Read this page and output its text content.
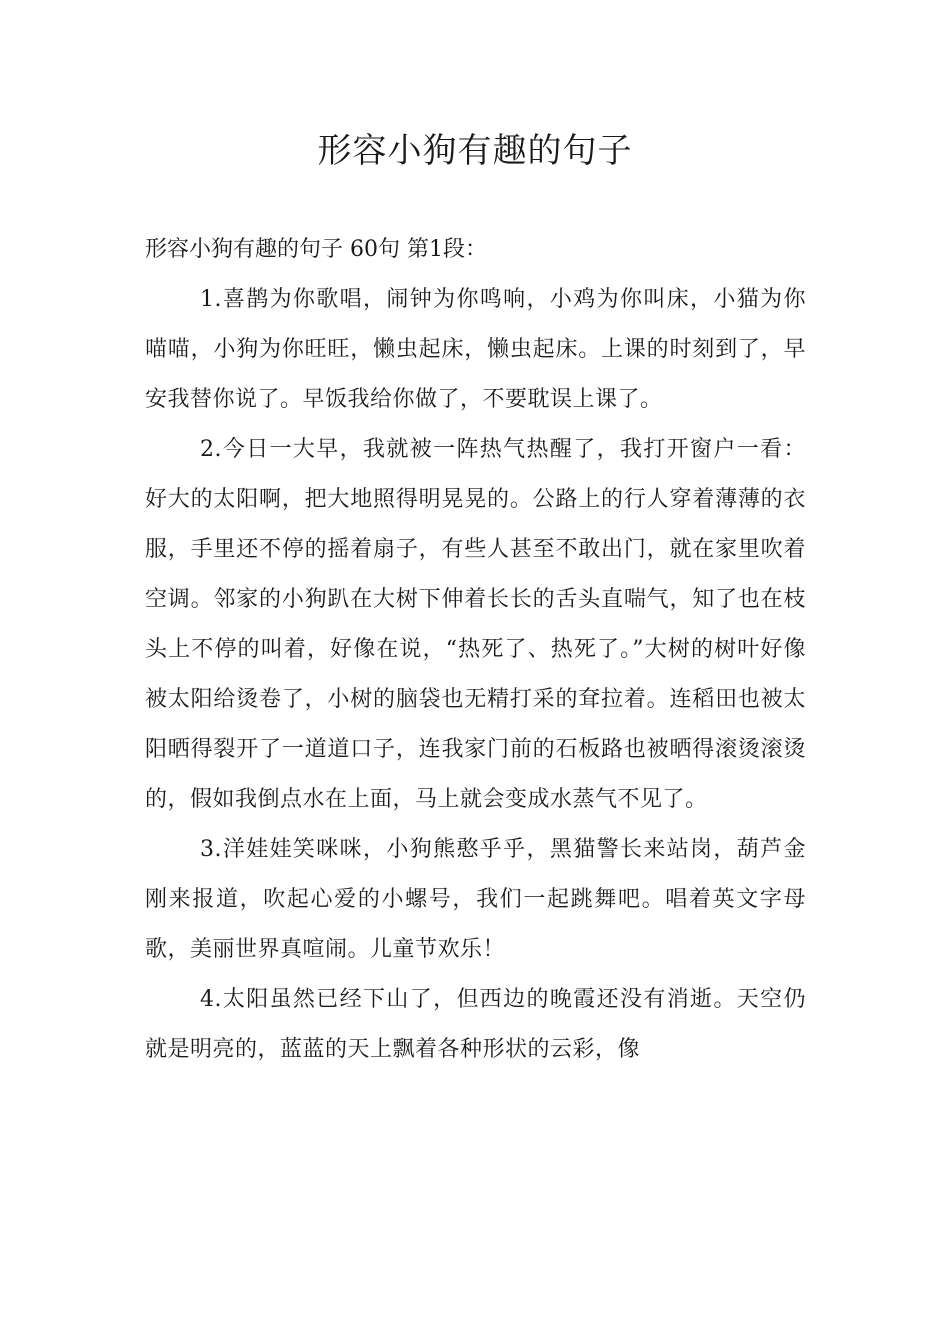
形容小狗有趣的句子

形容小狗有趣的句子 60句 第1段：

1.喜鹊为你歌唱，闹钟为你鸣响，小鸡为你叫床，小猫为你喵喵，小狗为你旺旺，懒虫起床，懒虫起床。上课的时刻到了，早安我替你说了。早饭我给你做了，不要耽误上课了。

2.今日一大早，我就被一阵热气热醒了，我打开窗户一看：好大的太阳啊，把大地照得明晃晃的。公路上的行人穿着薄薄的衣服，手里还不停的摇着扇子，有些人甚至不敢出门，就在家里吹着空调。邻家的小狗趴在大树下伸着长长的舌头直喘气，知了也在枝头上不停的叫着，好像在说，“热死了、热死了。”大树的树叶好像被太阳给烫卷了，小树的脑袋也无精打采的耷拉着。连稻田也被太阳晒得裂开了一道道口子，连我家门前的石板路也被晒得滚烫滚烫的，假如我倒点水在上面，马上就会变成水蒸气不见了。

3.洋娃娃笑咪咪，小狗熊憨乎乎，黑猫警长来站岗，葫芦金刚来报道，吹起心爱的小螺号，我们一起跳舞吧。唱着英文字母歌，美丽世界真喧闹。儿童节欢乐！

4.太阳虽然已经下山了，但西边的晚霞还没有消逝。天空仍就是明亮的，蓝蓝的天上飘着各种形状的云彩，像
